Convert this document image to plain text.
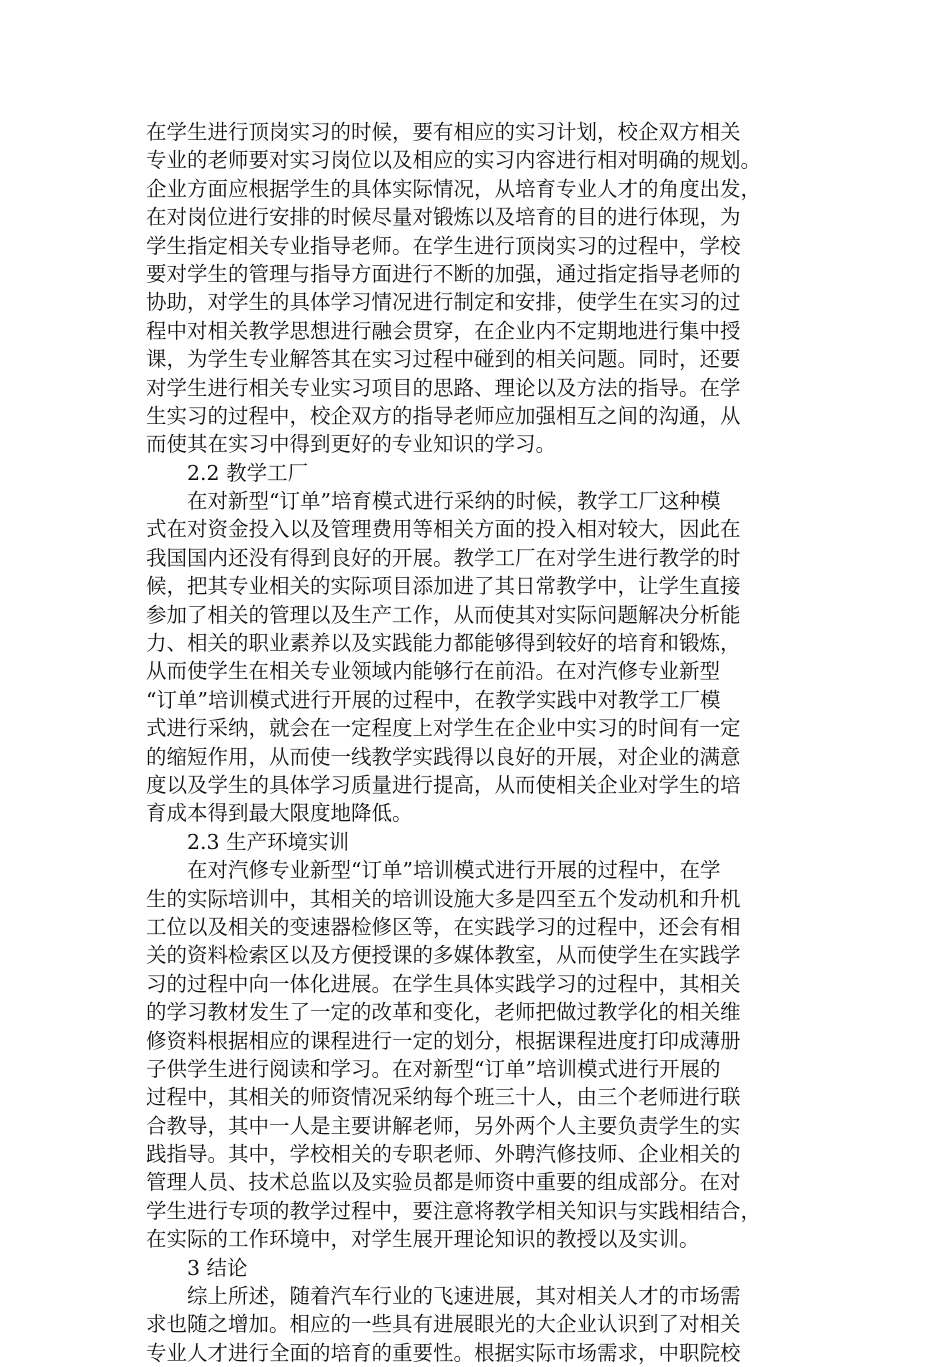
在学生进行顶岗实习的时候，要有相应的实习计划，校企双方相关
专业的老师要对实习岗位以及相应的实习内容进行相对明确的规划。
企业方面应根据学生的具体实际情况，从培育专业人才的角度出发，
在对岗位进行安排的时候尽量对锻炼以及培育的目的进行体现，为
学生指定相关专业指导老师。在学生进行顶岗实习的过程中，学校
要对学生的管理与指导方面进行不断的加强，通过指定指导老师的
协助，对学生的具体学习情况进行制定和安排，使学生在实习的过
程中对相关教学思想进行融会贯穿，在企业内不定期地进行集中授
课，为学生专业解答其在实习过程中碰到的相关问题。同时，还要
对学生进行相关专业实习项目的思路、理论以及方法的指导。在学
生实习的过程中，校企双方的指导老师应加强相互之间的沟通，从
而使其在实习中得到更好的专业知识的学习。
2.2 教学工厂
在对新型“订单”培育模式进行采纳的时候，教学工厂这种模
式在对资金投入以及管理费用等相关方面的投入相对较大，因此在
我国国内还没有得到良好的开展。教学工厂在对学生进行教学的时
候，把其专业相关的实际项目添加进了其日常教学中，让学生直接
参加了相关的管理以及生产工作，从而使其对实际问题解决分析能
力、相关的职业素养以及实践能力都能够得到较好的培育和锻炼，
从而使学生在相关专业领域内能够行在前沿。在对汽修专业新型
“订单”培训模式进行开展的过程中，在教学实践中对教学工厂模
式进行采纳，就会在一定程度上对学生在企业中实习的时间有一定
的缩短作用，从而使一线教学实践得以良好的开展，对企业的满意
度以及学生的具体学习质量进行提高，从而使相关企业对学生的培
育成本得到最大限度地降低。
2.3 生产环境实训
在对汽修专业新型“订单”培训模式进行开展的过程中，在学
生的实际培训中，其相关的培训设施大多是四至五个发动机和升机
工位以及相关的变速器检修区等，在实践学习的过程中，还会有相
关的资料检索区以及方便授课的多媒体教室，从而使学生在实践学
习的过程中向一体化进展。在学生具体实践学习的过程中，其相关
的学习教材发生了一定的改革和变化，老师把做过教学化的相关维
修资料根据相应的课程进行一定的划分，根据课程进度打印成薄册
子供学生进行阅读和学习。在对新型“订单”培训模式进行开展的
过程中，其相关的师资情况采纳每个班三十人，由三个老师进行联
合教导，其中一人是主要讲解老师，另外两个人主要负责学生的实
践指导。其中，学校相关的专职老师、外聘汽修技师、企业相关的
管理人员、技术总监以及实验员都是师资中重要的组成部分。在对
学生进行专项的教学过程中，要注意将教学相关知识与实践相结合，
在实际的工作环境中，对学生展开理论知识的教授以及实训。
3 结论
综上所述，随着汽车行业的飞速进展，其对相关人才的市场需
求也随之增加。相应的一些具有进展眼光的大企业认识到了对相关
专业人才进行全面的培育的重要性。根据实际市场需求，中职院校
